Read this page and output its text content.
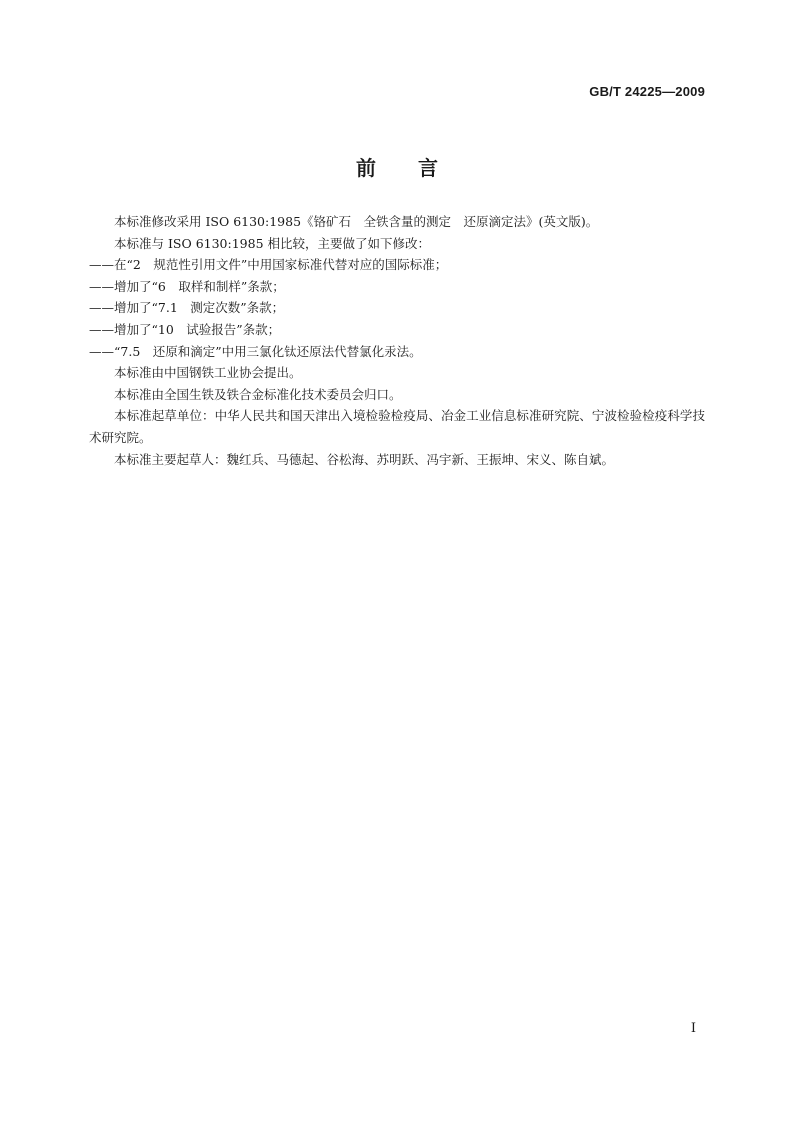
GB/T 24225—2009
前言

本标准修改采用 ISO 6130:1985《铬矿石　全铁含量的测定　还原滴定法》(英文版)。

本标准与 ISO 6130:1985 相比较，主要做了如下修改：

——在“2　规范性引用文件”中用国家标准代替对应的国际标准；

——增加了“6　取样和制样”条款；

——增加了“7.1　测定次数”条款；

——增加了“10　试验报告”条款；

——“7.5　还原和滴定”中用三氯化钛还原法代替氯化汞法。

本标准由中国钢铁工业协会提出。

本标准由全国生铁及铁合金标准化技术委员会归口。

本标准起草单位：中华人民共和国天津出入境检验检疫局、冶金工业信息标准研究院、宁波检验检疫科学技术研究院。

本标准主要起草人：魏红兵、马德起、谷松海、苏明跃、冯宇新、王振坤、宋义、陈自斌。

I
